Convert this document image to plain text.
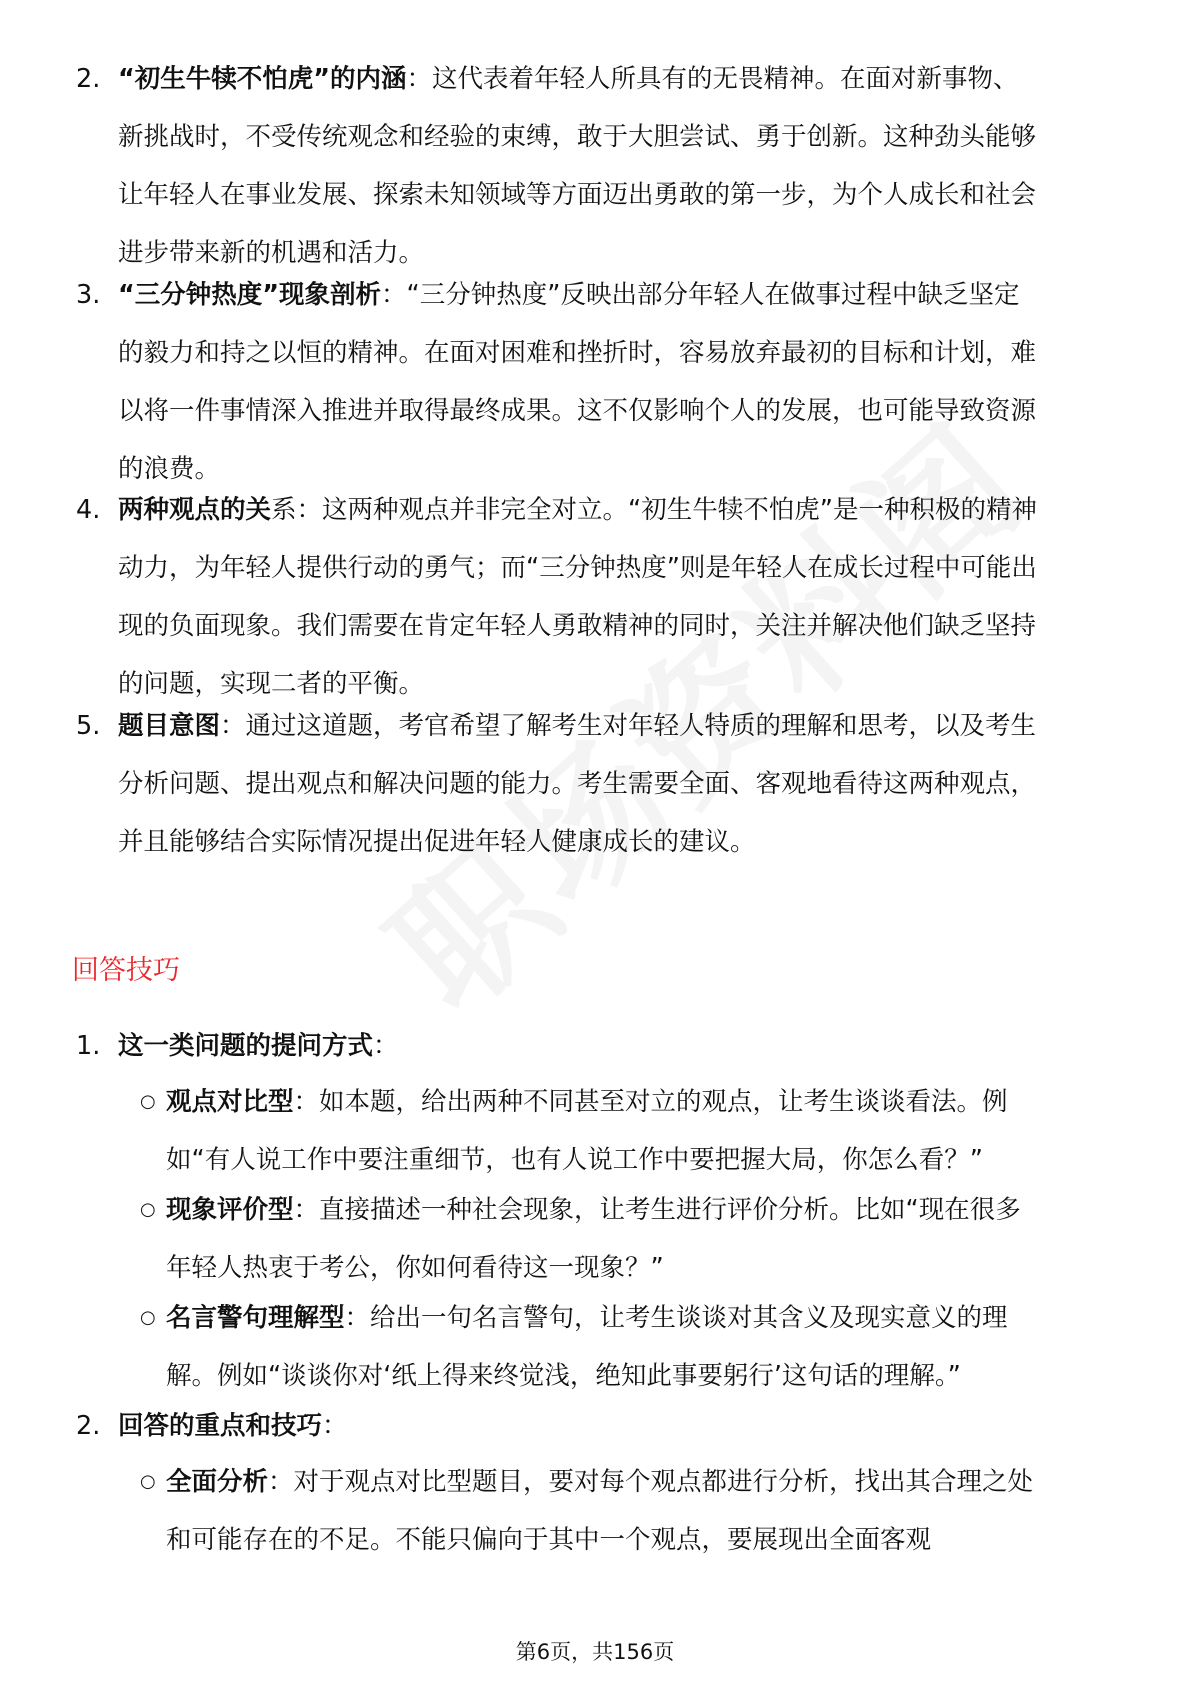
2. “初生牛犊不怕虎”的内涵：这代表着年轻人所具有的无畏精神。在面对新事物、新挑战时，不受传统观念和经验的束缚，敢于大胆尝试、勇于创新。这种劲头能够让年轻人在事业发展、探索未知领域等方面迈出勇敢的第一步，为个人成长和社会进步带来新的机遇和活力。
3. “三分钟热度”现象剖析：“三分钟热度”反映出部分年轻人在做事过程中缺乏坚定的毅力和持之以恒的精神。在面对困难和挫折时，容易放弃最初的目标和计划，难以将一件事情深入推进并取得最终成果。这不仅影响个人的发展，也可能导致资源的浪费。
4. 两种观点的关系：这两种观点并非完全对立。“初生牛犊不怕虎”是一种积极的精神动力，为年轻人提供行动的勇气；而“三分钟热度”则是年轻人在成长过程中可能出现的负面现象。我们需要在肯定年轻人勇敢精神的同时，关注并解决他们缺乏坚持的问题，实现二者的平衡。
5. 题目意图：通过这道题，考官希望了解考生对年轻人特质的理解和思考，以及考生分析问题、提出观点和解决问题的能力。考生需要全面、客观地看待这两种观点，并且能够结合实际情况提出促进年轻人健康成长的建议。
回答技巧
1. 这一类问题的提问方式：
○ 观点对比型：如本题，给出两种不同甚至对立的观点，让考生谈谈看法。例如“有人说工作中要注重细节，也有人说工作中要把握大局，你怎么看？”
○ 现象评价型：直接描述一种社会现象，让考生进行评价分析。比如“现在很多年轻人热衷于考公，你如何看待这一现象？”
○ 名言警句理解型：给出一句名言警句，让考生谈谈对其含义及现实意义的理解。例如“谈谈你对‘纸上得来终觉浅，绝知此事要躬行’这句话的理解。”
2. 回答的重点和技巧：
○ 全面分析：对于观点对比型题目，要对每个观点都进行分析，找出其合理之处和可能存在的不足。不能只偏向于其中一个观点，要展现出全面客观
第6页，共156页
